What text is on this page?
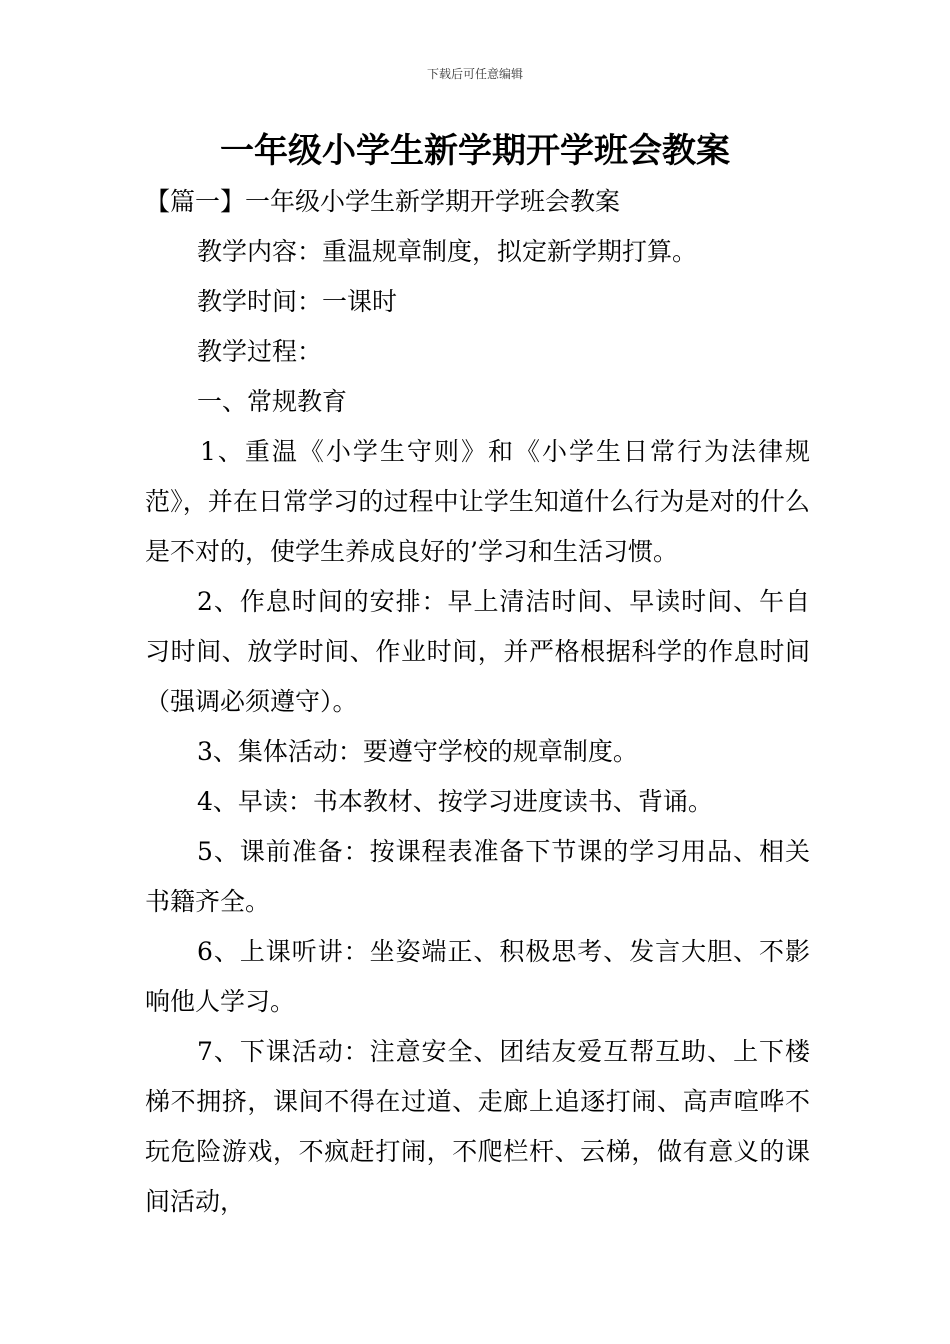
下载后可任意编辑
一年级小学生新学期开学班会教案

【篇一】一年级小学生新学期开学班会教案

教学内容：重温规章制度，拟定新学期打算。

教学时间：一课时

教学过程：

一、常规教育

1、重温《小学生守则》和《小学生日常行为法律规范》，并在日常学习的过程中让学生知道什么行为是对的什么是不对的，使学生养成良好的’学习和生活习惯。

2、作息时间的安排：早上清洁时间、早读时间、午自习时间、放学时间、作业时间，并严格根据科学的作息时间（强调必须遵守）。

3、集体活动：要遵守学校的规章制度。

4、早读：书本教材、按学习进度读书、背诵。

5、课前准备：按课程表准备下节课的学习用品、相关书籍齐全。

6、上课听讲：坐姿端正、积极思考、发言大胆、不影响他人学习。

7、下课活动：注意安全、团结友爱互帮互助、上下楼梯不拥挤，课间不得在过道、走廊上追逐打闹、高声喧哗不玩危险游戏，不疯赶打闹，不爬栏杆、云梯，做有意义的课间活动，
